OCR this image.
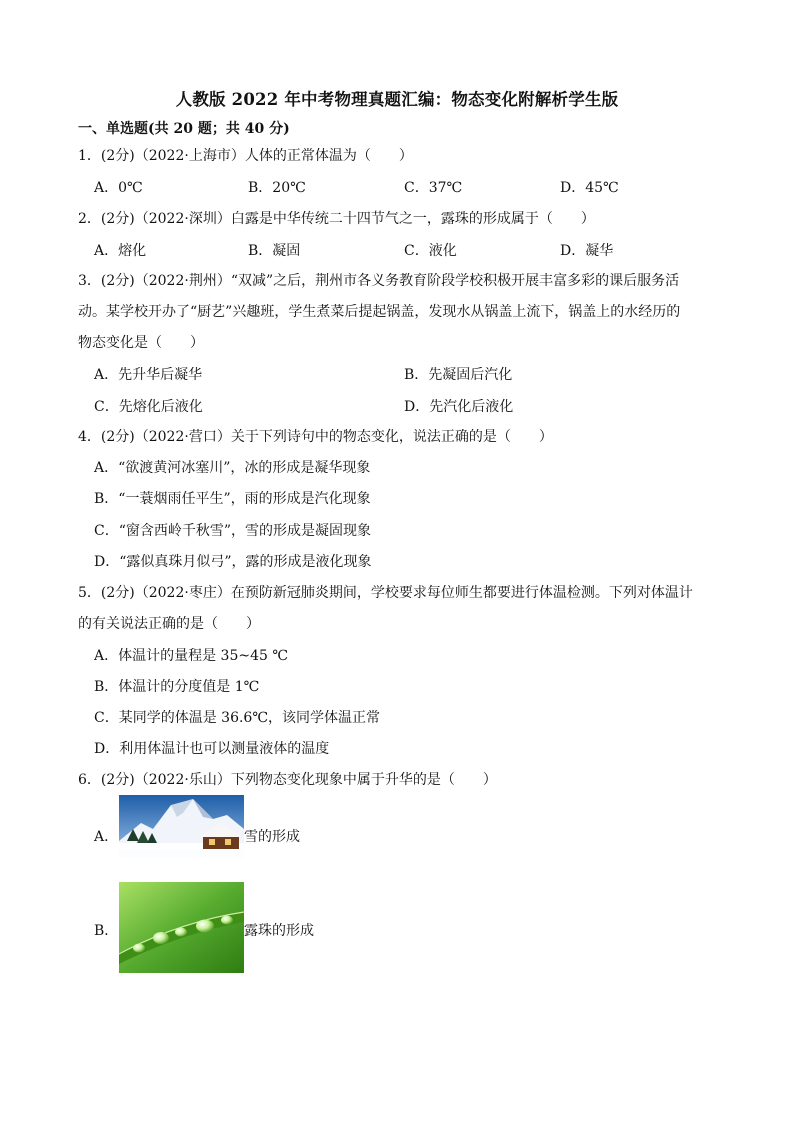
人教版 2022 年中考物理真题汇编：物态变化附解析学生版
一、单选题(共 20 题；共 40 分)
1．(2分)（2022·上海市）人体的正常体温为（　　）
A．0℃	B．20℃	C．37℃	D．45℃
2．(2分)（2022·深圳）白露是中华传统二十四节气之一，露珠的形成属于（　　）
A．熔化	B．凝固	C．液化	D．凝华
3．(2分)（2022·荆州）“双减”之后，荆州市各义务教育阶段学校积极开展丰富多彩的课后服务活
动。某学校开办了“厨艺”兴趣班，学生煮菜后提起锅盖，发现水从锅盖上流下，锅盖上的水经历的
物态变化是（　　）
A．先升华后凝华	B．先凝固后汽化
C．先熔化后液化	D．先汽化后液化
4．(2分)（2022·营口）关于下列诗句中的物态变化，说法正确的是（　　）
A．“欲渡黄河冰塞川”，冰的形成是凝华现象
B．“一蓑烟雨任平生”，雨的形成是汽化现象
C．“窗含西岭千秋雪”，雪的形成是凝固现象
D．“露似真珠月似弓”，露的形成是液化现象
5．(2分)（2022·枣庄）在预防新冠肺炎期间，学校要求每位师生都要进行体温检测。下列对体温计
的有关说法正确的是（　　）
A．体温计的量程是 35~45 ℃
B．体温计的分度值是 1℃
C．某同学的体温是 36.6℃，该同学体温正常
D．利用体温计也可以测量液体的温度
6．(2分)（2022·乐山）下列物态变化现象中属于升华的是（　　）
A．	雪的形成
B．	露珠的形成
